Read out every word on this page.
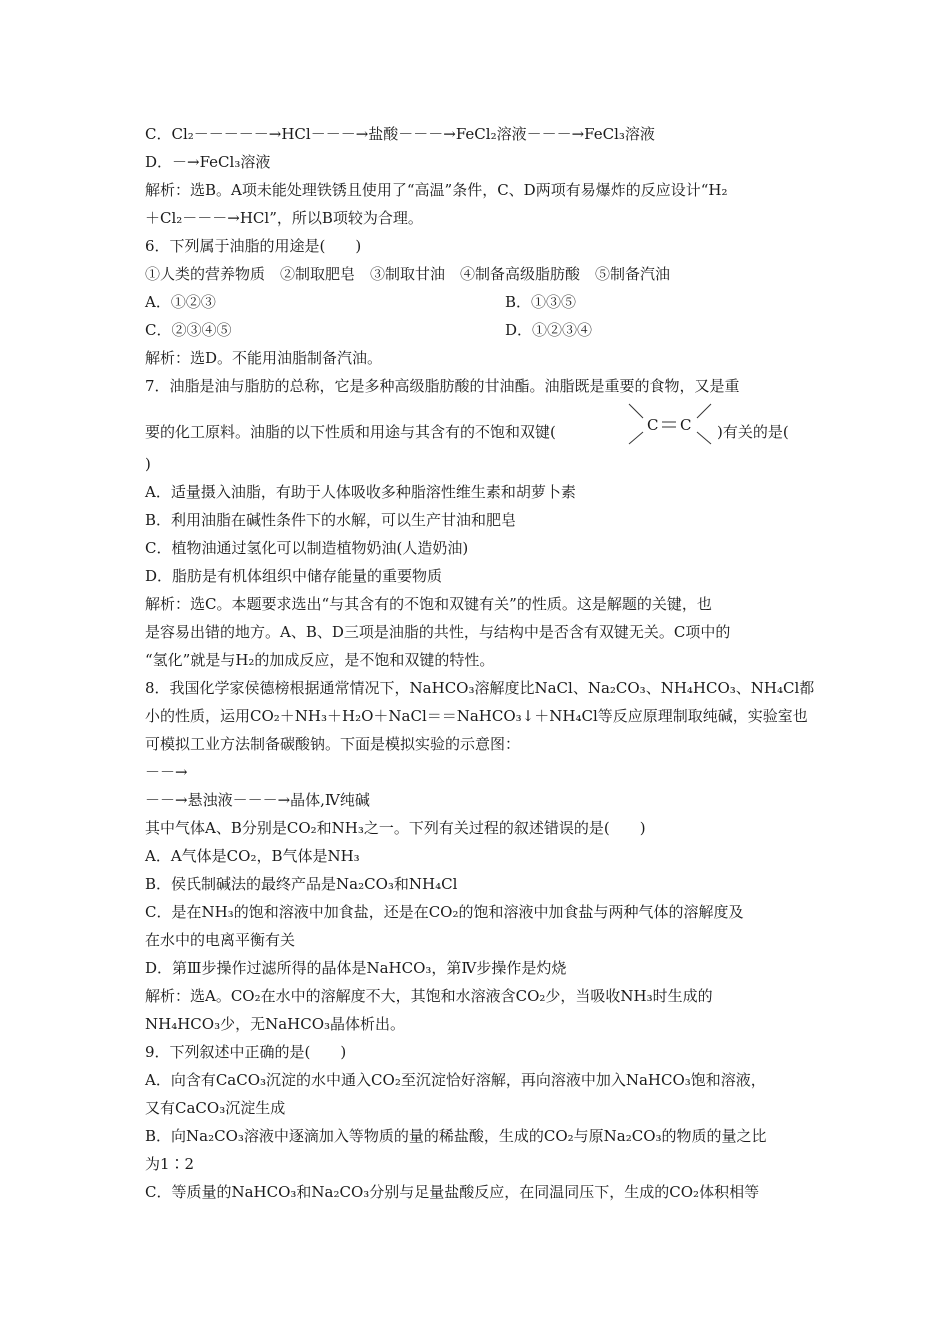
C．Cl₂－－－－－→HCl－－－→盐酸－－－→FeCl₂溶液－－－→FeCl₃溶液
D．－→FeCl₃溶液
解析：选B。A项未能处理铁锈且使用了“高温”条件，C、D两项有易爆炸的反应设计“H₂
＋Cl₂－－－→HCl”，所以B项较为合理。
6．下列属于油脂的用途是(　　)
①人类的营养物质　②制取肥皂　③制取甘油　④制备高级脂肪酸　⑤制备汽油
A．①②③	B．①③⑤
C．②③④⑤	D．①②③④
解析：选D。不能用油脂制备汽油。
7．油脂是油与脂肪的总称，它是多种高级脂肪酸的甘油酯。油脂既是重要的食物，又是重
要的化工原料。油脂的以下性质和用途与其含有的不饱和双键(	C C )有关的是(
)
A．适量摄入油脂，有助于人体吸收多种脂溶性维生素和胡萝卜素
B．利用油脂在碱性条件下的水解，可以生产甘油和肥皂
C．植物油通过氢化可以制造植物奶油(人造奶油)
D．脂肪是有机体组织中储存能量的重要物质
解析：选C。本题要求选出“与其含有的不饱和双键有关”的性质。这是解题的关键，也
是容易出错的地方。A、B、D三项是油脂的共性，与结构中是否含有双键无关。C项中的
“氢化”就是与H₂的加成反应，是不饱和双键的特性。
8．我国化学家侯德榜根据通常情况下，NaHCO₃溶解度比NaCl、Na₂CO₃、NH₄HCO₃、NH₄Cl都
小的性质，运用CO₂＋NH₃＋H₂O＋NaCl＝＝NaHCO₃↓＋NH₄Cl等反应原理制取纯碱，实验室也
可模拟工业方法制备碳酸钠。下面是模拟实验的示意图：
－－→
－－→悬浊液－－－→晶体,Ⅳ纯碱
其中气体A、B分别是CO₂和NH₃之一。下列有关过程的叙述错误的是(　　)
A．A气体是CO₂，B气体是NH₃
B．侯氏制碱法的最终产品是Na₂CO₃和NH₄Cl
C．是在NH₃的饱和溶液中加食盐，还是在CO₂的饱和溶液中加食盐与两种气体的溶解度及
在水中的电离平衡有关
D．第Ⅲ步操作过滤所得的晶体是NaHCO₃，第Ⅳ步操作是灼烧
解析：选A。CO₂在水中的溶解度不大，其饱和水溶液含CO₂少，当吸收NH₃时生成的
NH₄HCO₃少，无NaHCO₃晶体析出。
9．下列叙述中正确的是(　　)
A．向含有CaCO₃沉淀的水中通入CO₂至沉淀恰好溶解，再向溶液中加入NaHCO₃饱和溶液，
又有CaCO₃沉淀生成
B．向Na₂CO₃溶液中逐滴加入等物质的量的稀盐酸，生成的CO₂与原Na₂CO₃的物质的量之比
为1∶2
C．等质量的NaHCO₃和Na₂CO₃分别与足量盐酸反应，在同温同压下，生成的CO₂体积相等
